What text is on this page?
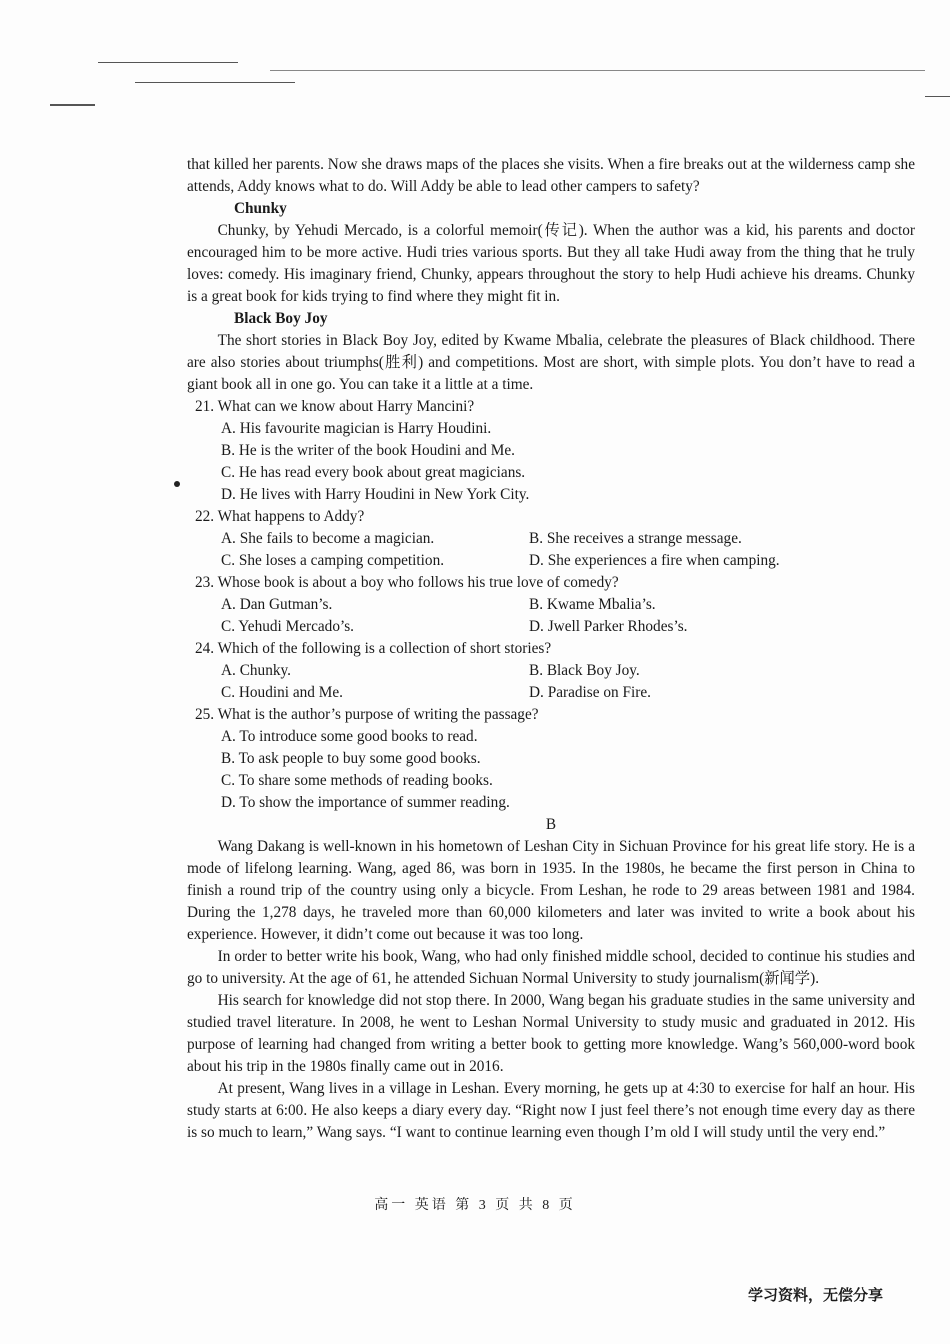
that killed her parents. Now she draws maps of the places she visits. When a fire breaks out at the wilderness camp she attends, Addy knows what to do. Will Addy be able to lead other campers to safety?

Chunky

Chunky, by Yehudi Mercado, is a colorful memoir(传记). When the author was a kid, his parents and doctor encouraged him to be more active. Hudi tries various sports. But they all take Hudi away from the thing that he truly loves: comedy. His imaginary friend, Chunky, appears throughout the story to help Hudi achieve his dreams. Chunky is a great book for kids trying to find where they might fit in.

Black Boy Joy

The short stories in Black Boy Joy, edited by Kwame Mbalia, celebrate the pleasures of Black childhood. There are also stories about triumphs(胜利) and competitions. Most are short, with simple plots. You don’t have to read a giant book all in one go. You can take it a little at a time.

21. What can we know about Harry Mancini?

A. His favourite magician is Harry Houdini.

B. He is the writer of the book Houdini and Me.

C. He has read every book about great magicians.

D. He lives with Harry Houdini in New York City.

22. What happens to Addy?

A. She fails to become a magician.	B. She receives a strange message.
C. She loses a camping competition.	D. She experiences a fire when camping.

23. Whose book is about a boy who follows his true love of comedy?

A. Dan Gutman’s.	B. Kwame Mbalia’s.
C. Yehudi Mercado’s.	D. Jwell Parker Rhodes’s.

24. Which of the following is a collection of short stories?

A. Chunky.	B. Black Boy Joy.
C. Houdini and Me.	D. Paradise on Fire.

25. What is the author’s purpose of writing the passage?

A. To introduce some good books to read.

B. To ask people to buy some good books.

C. To share some methods of reading books.

D. To show the importance of summer reading.

B

Wang Dakang is well-known in his hometown of Leshan City in Sichuan Province for his great life story. He is a mode of lifelong learning. Wang, aged 86, was born in 1935. In the 1980s, he became the first person in China to finish a round trip of the country using only a bicycle. From Leshan, he rode to 29 areas between 1981 and 1984. During the 1,278 days, he traveled more than 60,000 kilometers and later was invited to write a book about his experience. However, it didn’t come out because it was too long.

In order to better write his book, Wang, who had only finished middle school, decided to continue his studies and go to university. At the age of 61, he attended Sichuan Normal University to study journalism(新闻学).

His search for knowledge did not stop there. In 2000, Wang began his graduate studies in the same university and studied travel literature. In 2008, he went to Leshan Normal University to study music and graduated in 2012. His purpose of learning had changed from writing a better book to getting more knowledge. Wang’s 560,000-word book about his trip in the 1980s finally came out in 2016.

At present, Wang lives in a village in Leshan. Every morning, he gets up at 4:30 to exercise for half an hour. His study starts at 6:00. He also keeps a diary every day. “Right now I just feel there’s not enough time every day as there is so much to learn,” Wang says. “I want to continue learning even though I’m old I will study until the very end.”

高一 英语 第 3 页 共 8 页
学习资料，无偿分享
